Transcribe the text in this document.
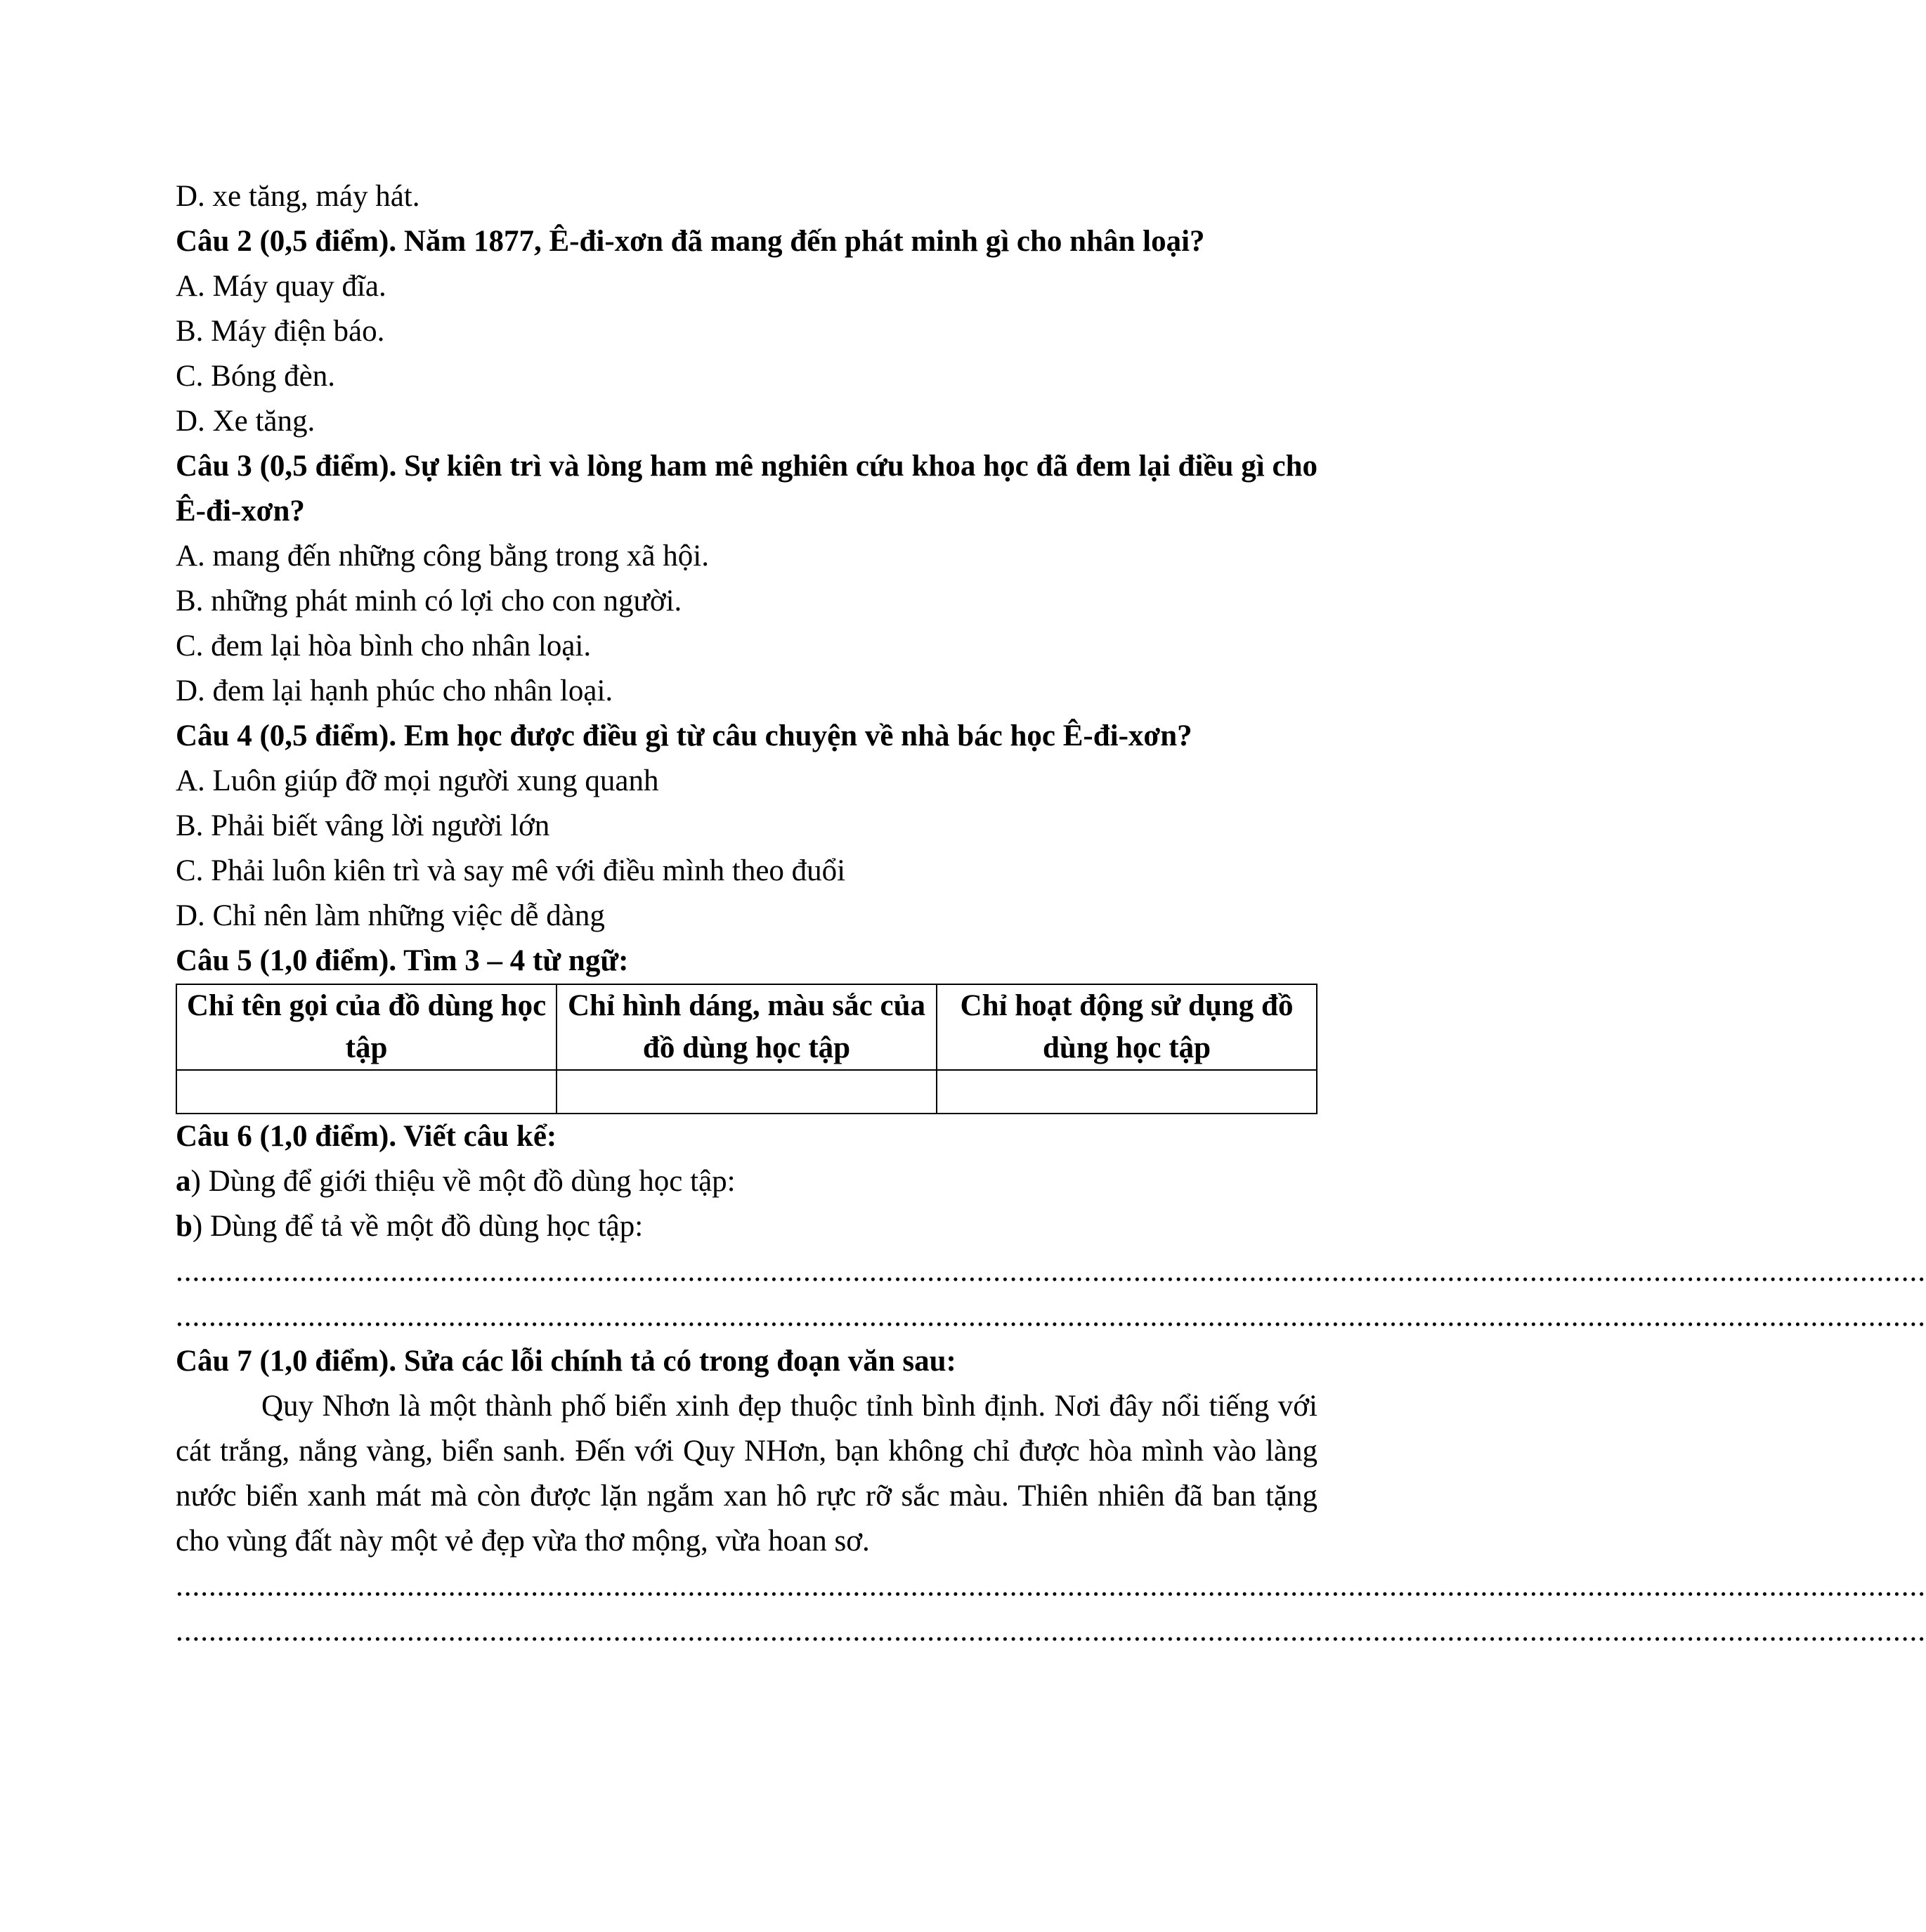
D. xe tăng, máy hát.
Câu 2 (0,5 điểm). Năm 1877, Ê-đi-xơn đã mang đến phát minh gì cho nhân loại?
A. Máy quay đĩa.
B. Máy điện báo.
C. Bóng đèn.
D. Xe tăng.
Câu 3 (0,5 điểm). Sự kiên trì và lòng ham mê nghiên cứu khoa học đã đem lại điều gì cho Ê-đi-xơn?
A. mang đến những công bằng trong xã hội.
B. những phát minh có lợi cho con người.
C. đem lại hòa bình cho nhân loại.
D. đem lại hạnh phúc cho nhân loại.
Câu 4 (0,5 điểm). Em học được điều gì từ câu chuyện về nhà bác học Ê-đi-xơn?
A. Luôn giúp đỡ mọi người xung quanh
B. Phải biết vâng lời người lớn
C. Phải luôn kiên trì và say mê với điều mình theo đuổi
D. Chỉ nên làm những việc dễ dàng
Câu 5 (1,0 điểm). Tìm 3 – 4 từ ngữ:
Chỉ tên gọi của đồ dùng học tập	Chỉ hình dáng, màu sắc của đồ dùng học tập	Chỉ hoạt động sử dụng đồ dùng học tập

Câu 6 (1,0 điểm). Viết câu kể:
a) Dùng để giới thiệu về một đồ dùng học tập:
b) Dùng để tả về một đồ dùng học tập:
....................................................................................................................................................................................................................
....................................................................................................................................................................................................................
Câu 7 (1,0 điểm). Sửa các lỗi chính tả có trong đoạn văn sau:
Quy Nhơn là một thành phố biển xinh đẹp thuộc tỉnh bình định. Nơi đây nổi tiếng với cát trắng, nắng vàng, biển sanh. Đến với Quy NHơn, bạn không chỉ được hòa mình vào làng nước biển xanh mát mà còn được lặn ngắm xan hô rực rỡ sắc màu. Thiên nhiên đã ban tặng cho vùng đất này một vẻ đẹp vừa thơ mộng, vừa hoan sơ.
....................................................................................................................................................................................................................
....................................................................................................................................................................................................................
